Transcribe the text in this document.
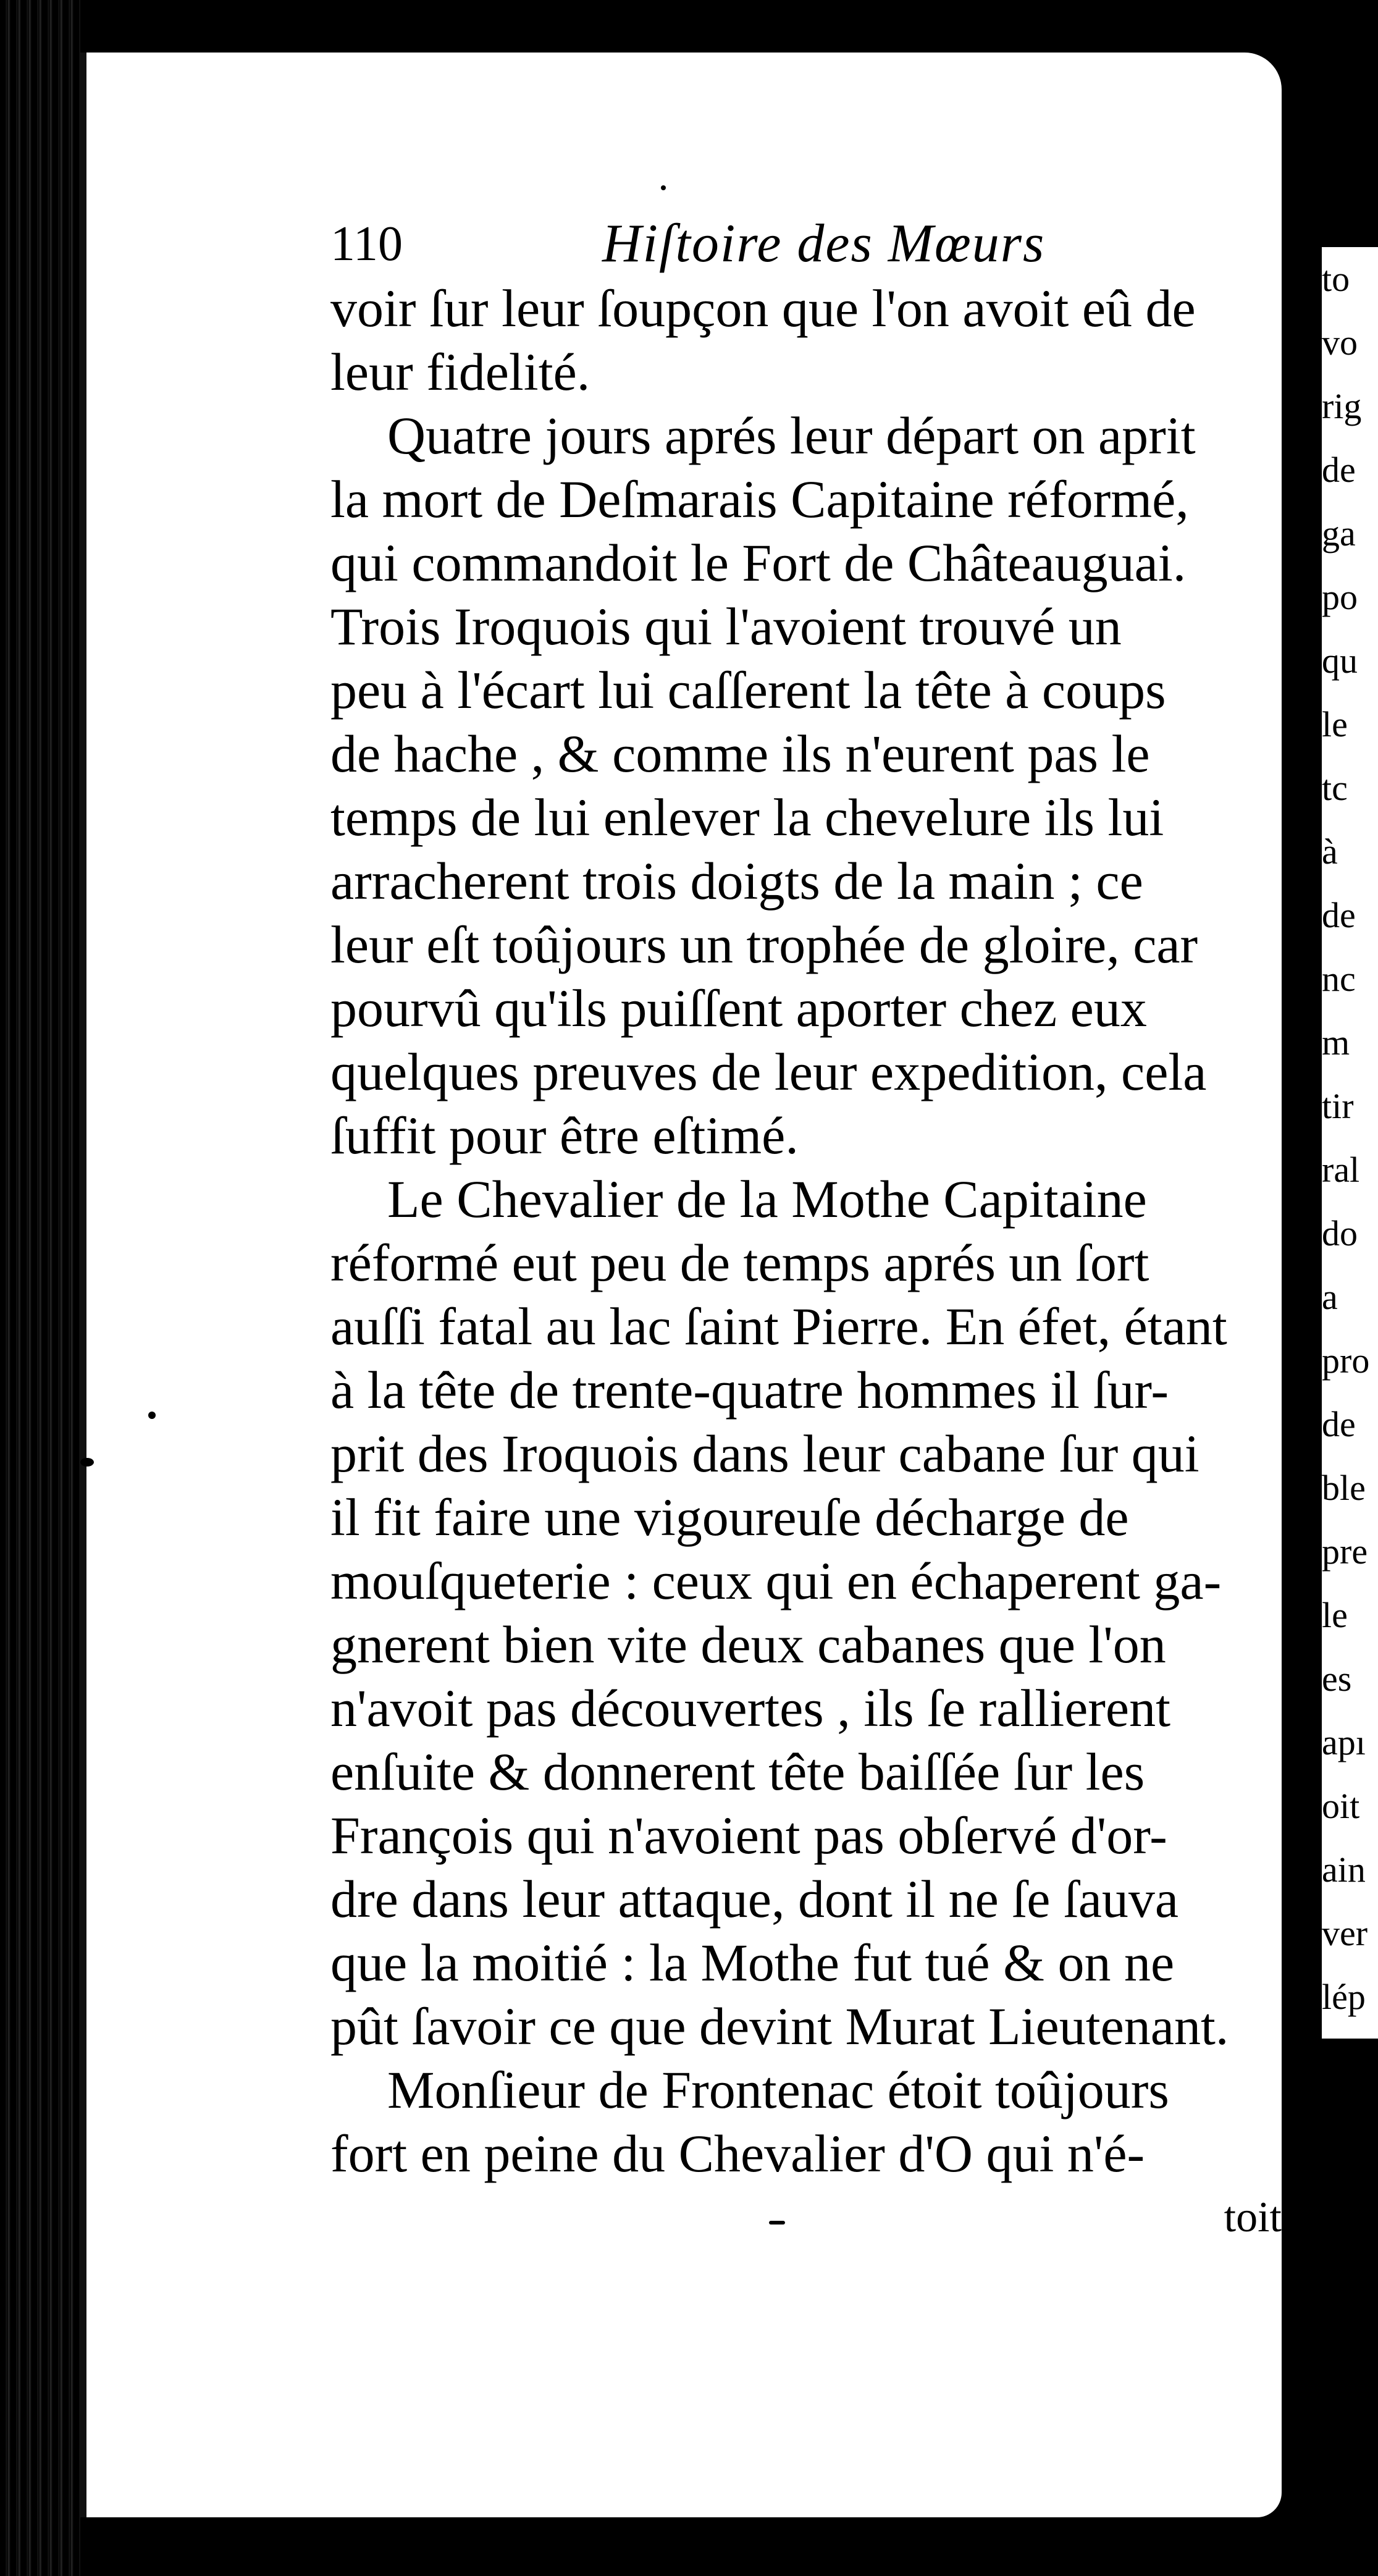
110	Hiſtoire des Mœurs
voir ſur leur ſoupçon que l'on avoit eû de
leur fidelité.
Quatre jours aprés leur départ on aprit
la mort de Deſmarais Capitaine réformé,
qui commandoit le Fort de Châteauguai.
Trois Iroquois qui l'avoient trouvé un
peu à l'écart lui caſſerent la tête à coups
de hache , & comme ils n'eurent pas le
temps de lui enlever la chevelure ils lui
arracherent trois doigts de la main ; ce
leur eſt toûjours un trophée de gloire, car
pourvû qu'ils puiſſent aporter chez eux
quelques preuves de leur expedition, cela
ſuffit pour être eſtimé.
Le Chevalier de la Mothe Capitaine
réformé eut peu de temps aprés un ſort
auſſi fatal au lac ſaint Pierre. En éfet, étant
à la tête de trente-quatre hommes il ſur-
prit des Iroquois dans leur cabane ſur qui
il fit faire une vigoureuſe décharge de
mouſqueterie : ceux qui en échaperent ga-
gnerent bien vite deux cabanes que l'on
n'avoit pas découvertes , ils ſe rallierent
enſuite & donnerent tête baiſſée ſur les
François qui n'avoient pas obſervé d'or-
dre dans leur attaque, dont il ne ſe ſauva
que la moitié : la Mothe fut tué & on ne
pût ſavoir ce que devint Murat Lieutenant.
Monſieur de Frontenac étoit toûjours
fort en peine du Chevalier d'O qui n'é-
toit
to
vo
rig
de
ga
po
qu
le
tc
à
de
nc
m
tir
ral
do
a
pro
de
ble
pre
le
es
apı
oit
ain
ver
lép
C
ue
